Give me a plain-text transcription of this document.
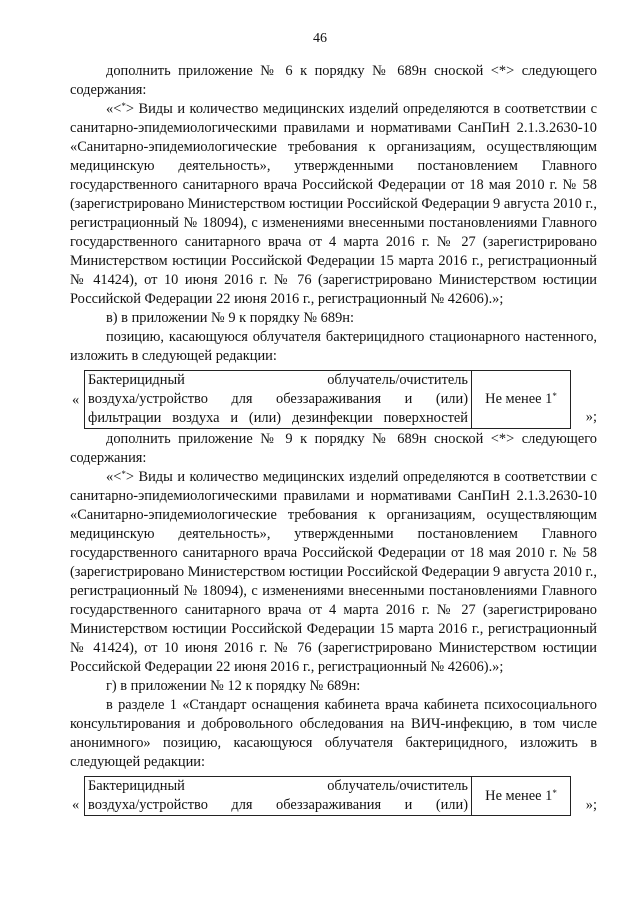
46

дополнить приложение № 6 к порядку № 689н сноской <*> следующего содержания:

«<*> Виды и количество медицинских изделий определяются в соответствии с санитарно-эпидемиологическими правилами и нормативами СанПиН 2.1.3.2630-10 «Санитарно-эпидемиологические требования к организациям, осуществляющим медицинскую деятельность», утвержденными постановлением Главного государственного санитарного врача Российской Федерации от 18 мая 2010 г. № 58 (зарегистрировано Министерством юстиции Российской Федерации 9 августа 2010 г., регистрационный № 18094), с изменениями внесенными постановлениями Главного государственного санитарного врача от 4 марта 2016 г. № 27 (зарегистрировано Министерством юстиции Российской Федерации 15 марта 2016 г., регистрационный № 41424), от 10 июня 2016 г. № 76 (зарегистрировано Министерством юстиции Российской Федерации 22 июня 2016 г., регистрационный № 42606).»;

в) в приложении № 9 к порядку № 689н:

позицию, касающуюся облучателя бактерицидного стационарного настенного, изложить в следующей редакции:

«
Бактерицидный облучатель/очиститель
воздуха/устройство для обеззараживания и (или)
фильтрации воздуха и (или) дезинфекции поверхностей
	Не менее 1*
»;

дополнить приложение № 9 к порядку № 689н сноской <*> следующего содержания:

«<*> Виды и количество медицинских изделий определяются в соответствии с санитарно-эпидемиологическими правилами и нормативами СанПиН 2.1.3.2630-10 «Санитарно-эпидемиологические требования к организациям, осуществляющим медицинскую деятельность», утвержденными постановлением Главного государственного санитарного врача Российской Федерации от 18 мая 2010 г. № 58 (зарегистрировано Министерством юстиции Российской Федерации 9 августа 2010 г., регистрационный № 18094), с изменениями внесенными постановлениями Главного государственного санитарного врача от 4 марта 2016 г. № 27 (зарегистрировано Министерством юстиции Российской Федерации 15 марта 2016 г., регистрационный № 41424), от 10 июня 2016 г. № 76 (зарегистрировано Министерством юстиции Российской Федерации 22 июня 2016 г., регистрационный № 42606).»;

г) в приложении № 12 к порядку № 689н:

в разделе 1 «Стандарт оснащения кабинета врача кабинета психосоциального консультирования и добровольного обследования на ВИЧ-инфекцию, в том числе анонимного» позицию, касающуюся облучателя бактерицидного, изложить в следующей редакции:

«
Бактерицидный облучатель/очиститель
воздуха/устройство для обеззараживания и (или)
	Не менее 1*
»;
